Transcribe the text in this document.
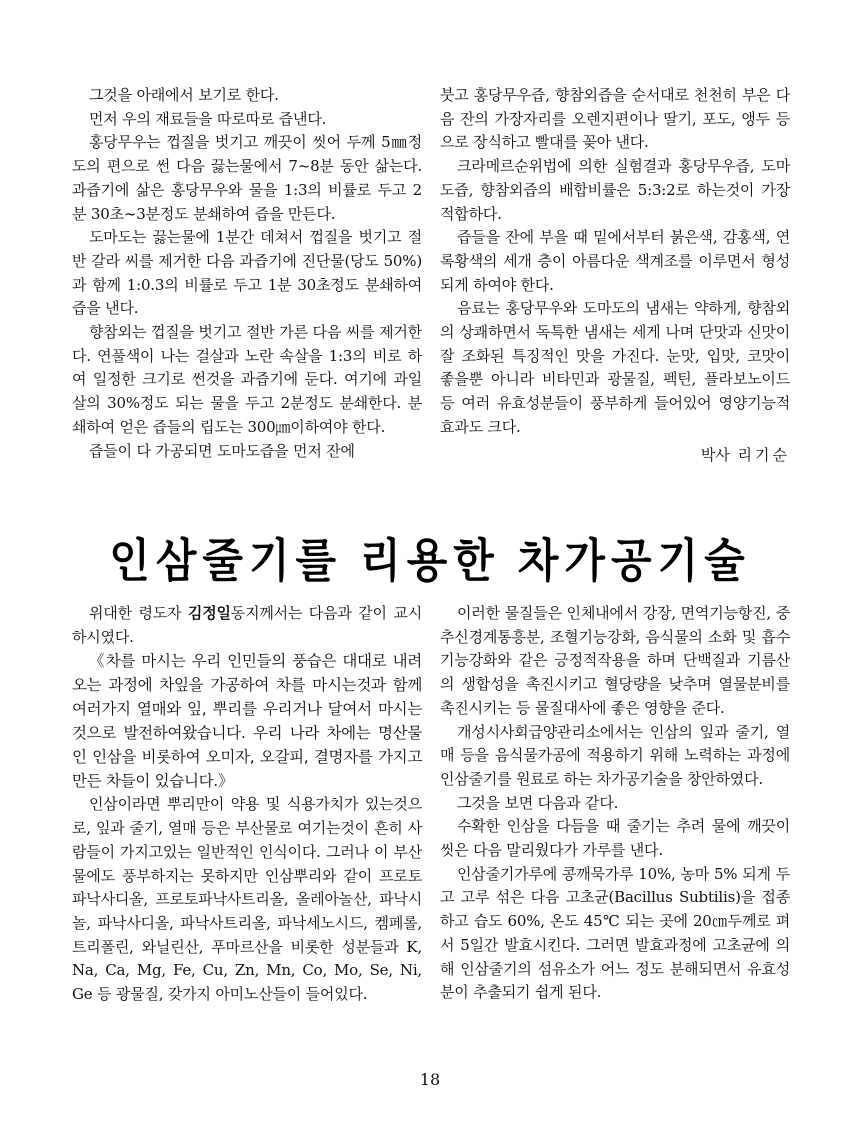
그것을 아래에서 보기로 한다.

먼저 우의 재료들을 따로따로 즙낸다.

홍당무우는 껍질을 벗기고 깨끗이 씻어 두께 5㎜정도의 편으로 썬 다음 끓는물에서 7~8분 동안 삶는다. 과즙기에 삶은 홍당무우와 물을 1:3의 비률로 두고 2분 30초~3분정도 분쇄하여 즙을 만든다.

도마도는 끓는물에 1분간 데쳐서 껍질을 벗기고 절반 갈라 씨를 제거한 다음 과즙기에 진단물(당도 50%)과 함께 1:0.3의 비률로 두고 1분 30초정도 분쇄하여 즙을 낸다.

향참외는 껍질을 벗기고 절반 가른 다음 씨를 제거한다. 연풀색이 나는 걸살과 노란 속살을 1:3의 비로 하여 일정한 크기로 썬것을 과즙기에 둔다. 여기에 과일살의 30%정도 되는 물을 두고 2분정도 분쇄한다. 분쇄하여 얻은 즙들의 립도는 300㎛이하여야 한다.

즙들이 다 가공되면 도마도즙을 먼저 잔에

붓고 홍당무우즙, 향참외즙을 순서대로 천천히 부은 다음 잔의 가장자리를 오렌지편이나 딸기, 포도, 앵두 등으로 장식하고 빨대를 꽂아 낸다.

크라메르순위법에 의한 실험결과 홍당무우즙, 도마도즙, 향참외즙의 배합비률은 5:3:2로 하는것이 가장 적합하다.

즙들을 잔에 부을 때 밑에서부터 붉은색, 감홍색, 연록황색의 세개 층이 아름다운 색계조를 이루면서 형성되게 하여야 한다.

음료는 홍당무우와 도마도의 냄새는 약하게, 향참외의 상쾌하면서 독특한 냄새는 세게 나며 단맛과 신맛이 잘 조화된 특징적인 맛을 가진다. 눈맛, 입맛, 코맛이 좋을뿐 아니라 비타민과 광물질, 펙틴, 플라보노이드 등 여러 유효성분들이 풍부하게 들어있어 영양기능적효과도 크다.

박사 리기순

인삼줄기를 리용한 차가공기술

위대한 령도자 김정일동지께서는 다음과 같이 교시하시였다.

《차를 마시는 우리 인민들의 풍습은 대대로 내려오는 과정에 차잎을 가공하여 차를 마시는것과 함께 여러가지 열매와 잎, 뿌리를 우리거나 달여서 마시는것으로 발전하여왔습니다. 우리 나라 차에는 명산물인 인삼을 비롯하여 오미자, 오갈피, 결명자를 가지고 만든 차들이 있습니다.》

인삼이라면 뿌리만이 약용 및 식용가치가 있는것으로, 잎과 줄기, 열매 등은 부산물로 여기는것이 흔히 사람들이 가지고있는 일반적인 인식이다. 그러나 이 부산물에도 풍부하지는 못하지만 인삼뿌리와 같이 프로토파낙사디올, 프로토파낙사트리올, 올레아놀산, 파낙시놀, 파낙사디올, 파낙사트리올, 파낙세노시드, 켐페롤, 트리폴린, 와닐린산, 푸마르산을 비롯한 성분들과 K, Na, Ca, Mg, Fe, Cu, Zn, Mn, Co, Mo, Se, Ni, Ge 등 광물질, 갖가지 아미노산들이 들어있다.

이러한 물질들은 인체내에서 강장, 면역기능항진, 중추신경계통흥분, 조혈기능강화, 음식물의 소화 및 흡수기능강화와 같은 긍정적작용을 하며 단백질과 기름산의 생합성을 촉진시키고 혈당량을 낮추며 열물분비를 촉진시키는 등 물질대사에 좋은 영향을 준다.

개성시사회급양관리소에서는 인삼의 잎과 줄기, 열매 등을 음식물가공에 적용하기 위해 노력하는 과정에 인삼줄기를 원료로 하는 차가공기술을 창안하였다.

그것을 보면 다음과 같다.

수확한 인삼을 다듬을 때 줄기는 추려 물에 깨끗이 씻은 다음 말리웠다가 가루를 낸다.

인삼줄기가루에 콩깨묵가루 10%, 농마 5% 되게 두고 고루 섞은 다음 고초균(Bacillus Subtilis)을 접종하고 습도 60%, 온도 45℃ 되는 곳에 20㎝두께로 펴서 5일간 발효시킨다. 그러면 발효과정에 고초균에 의해 인삼줄기의 섬유소가 어느 정도 분해되면서 유효성분이 추출되기 쉽게 된다.

18
